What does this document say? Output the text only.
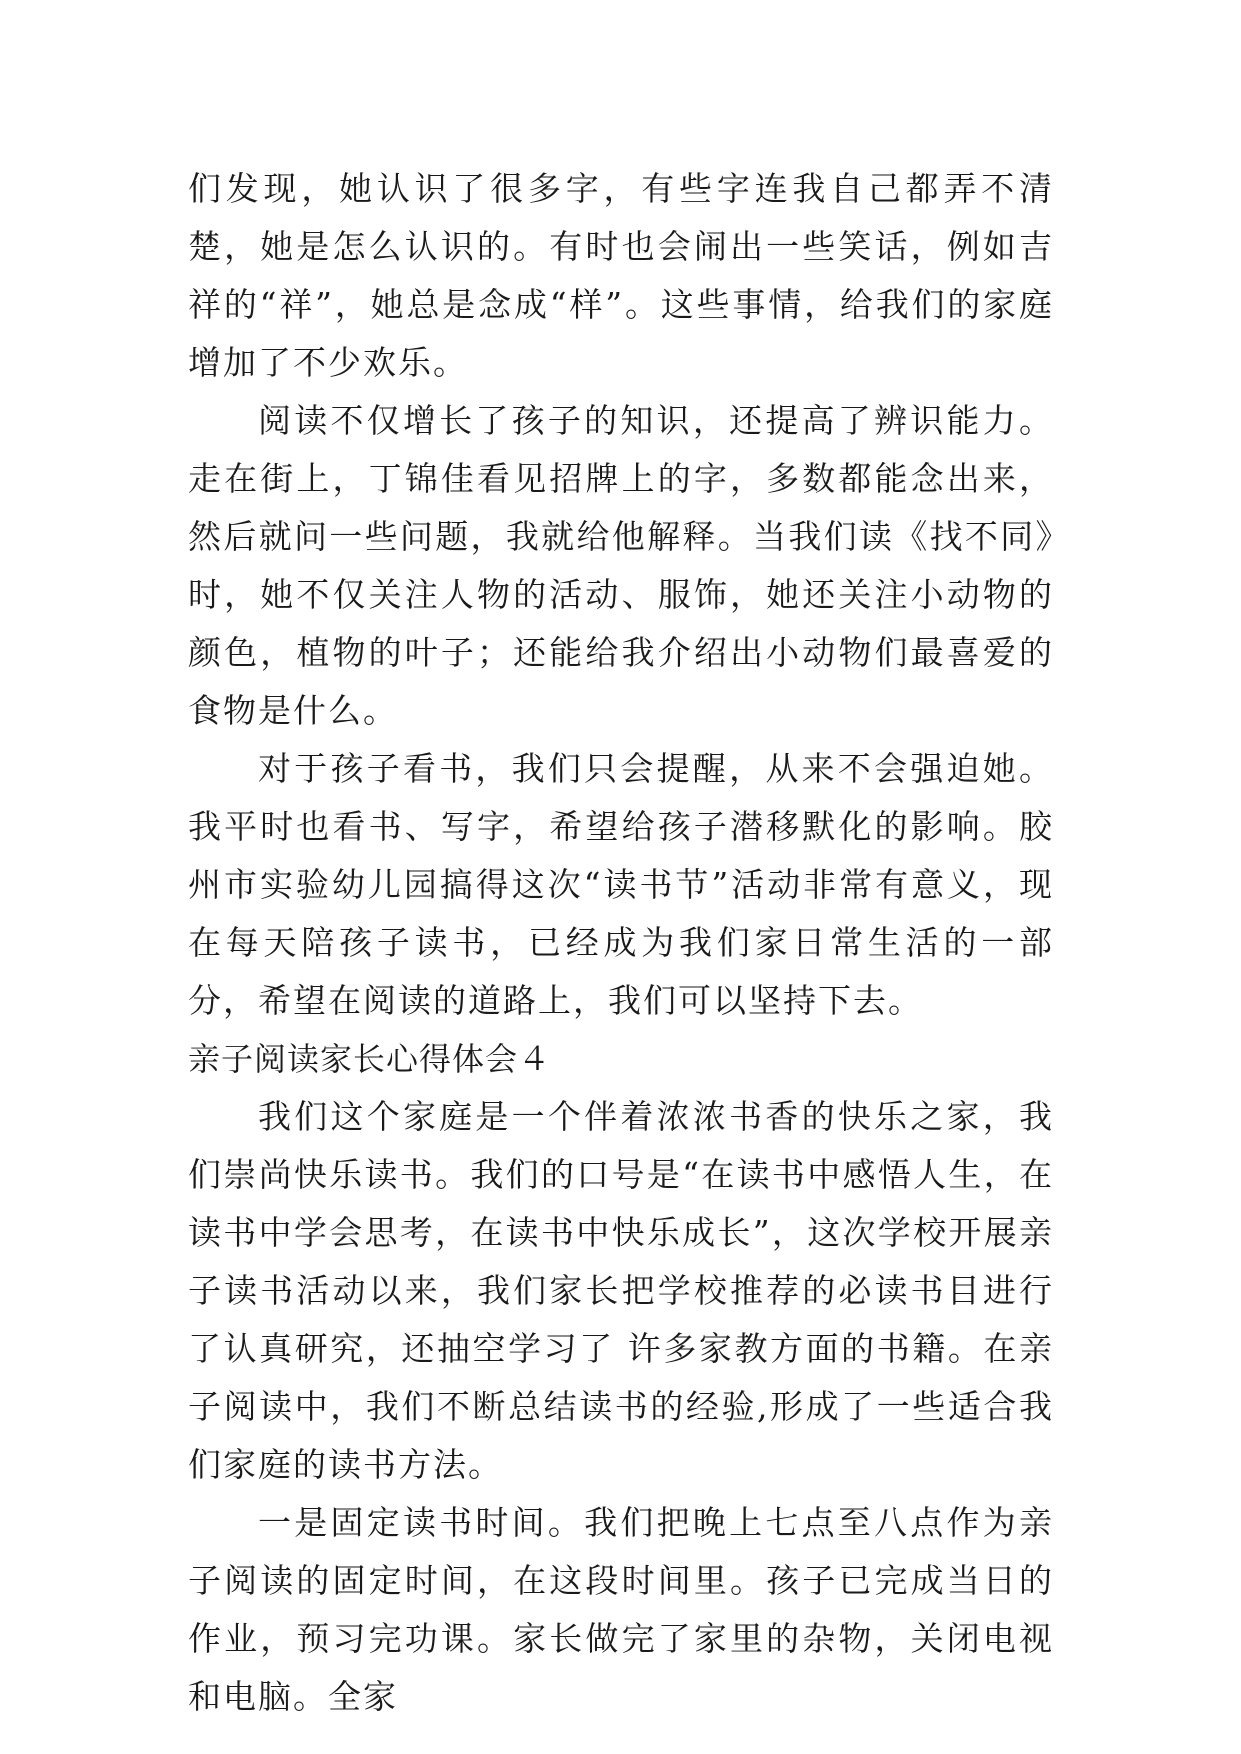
们发现，她认识了很多字，有些字连我自己都弄不清楚，她是怎么认识的。有时也会闹出一些笑话，例如吉祥的“祥”，她总是念成“样”。这些事情，给我们的家庭增加了不少欢乐。

阅读不仅增长了孩子的知识，还提高了辨识能力。走在街上，丁锦佳看见招牌上的字，多数都能念出来，然后就问一些问题，我就给他解释。当我们读《找不同》时，她不仅关注人物的活动、服饰，她还关注小动物的颜色，植物的叶子；还能给我介绍出小动物们最喜爱的食物是什么。

对于孩子看书，我们只会提醒，从来不会强迫她。我平时也看书、写字，希望给孩子潜移默化的影响。胶州市实验幼儿园搞得这次“读书节”活动非常有意义，现在每天陪孩子读书，已经成为我们家日常生活的一部分，希望在阅读的道路上，我们可以坚持下去。

亲子阅读家长心得体会４

我们这个家庭是一个伴着浓浓书香的快乐之家，我们崇尚快乐读书。我们的口号是“在读书中感悟人生，在读书中学会思考，在读书中快乐成长”，这次学校开展亲子读书活动以来，我们家长把学校推荐的必读书目进行了认真研究，还抽空学习了 许多家教方面的书籍。在亲子阅读中，我们不断总结读书的经验,形成了一些适合我们家庭的读书方法。

一是固定读书时间。我们把晚上七点至八点作为亲子阅读的固定时间，在这段时间里。孩子已完成当日的作业，预习完功课。家长做完了家里的杂物，关闭电视和电脑。全家
